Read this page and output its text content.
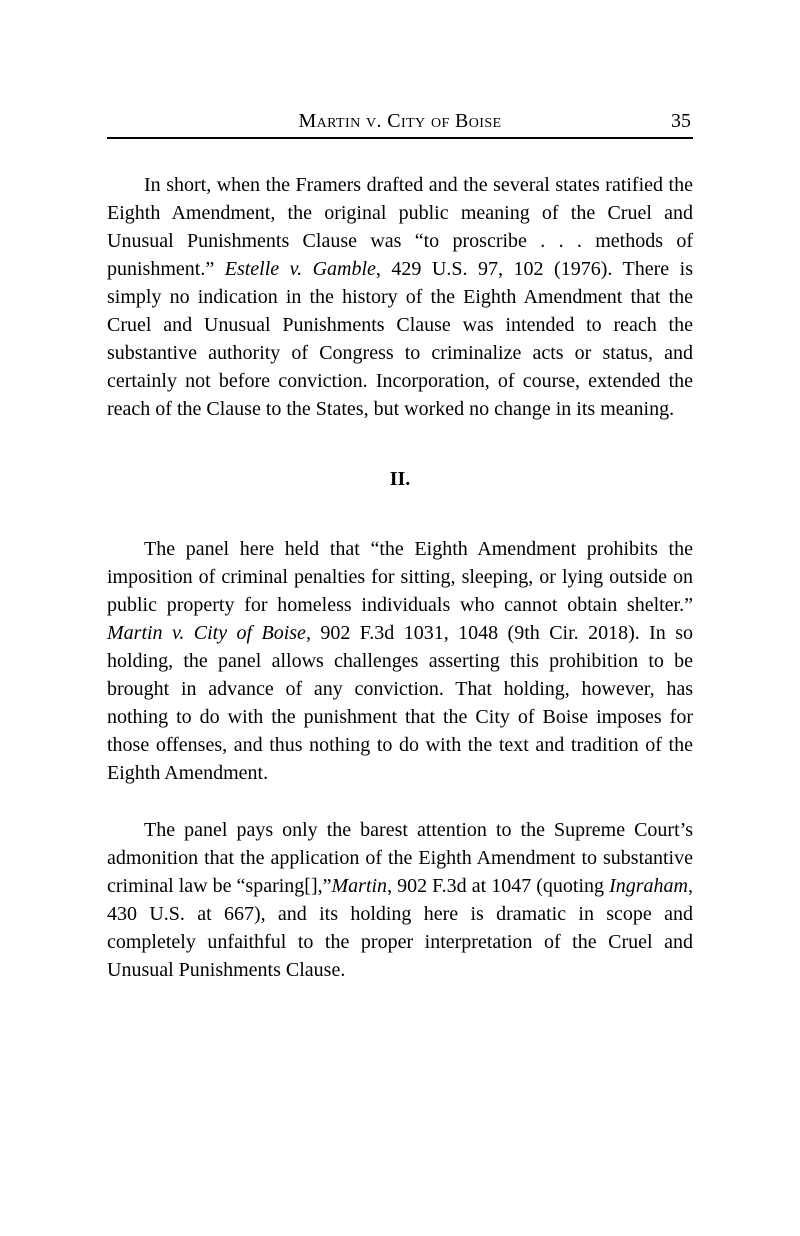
Martin v. City of Boise	35

In short, when the Framers drafted and the several states ratified the Eighth Amendment, the original public meaning of the Cruel and Unusual Punishments Clause was “to proscribe . . . methods of punishment.” Estelle v. Gamble, 429 U.S. 97, 102 (1976). There is simply no indication in the history of the Eighth Amendment that the Cruel and Unusual Punishments Clause was intended to reach the substantive authority of Congress to criminalize acts or status, and certainly not before conviction. Incorporation, of course, extended the reach of the Clause to the States, but worked no change in its meaning.

II.

The panel here held that “the Eighth Amendment prohibits the imposition of criminal penalties for sitting, sleeping, or lying outside on public property for homeless individuals who cannot obtain shelter.” Martin v. City of Boise, 902 F.3d 1031, 1048 (9th Cir. 2018). In so holding, the panel allows challenges asserting this prohibition to be brought in advance of any conviction. That holding, however, has nothing to do with the punishment that the City of Boise imposes for those offenses, and thus nothing to do with the text and tradition of the Eighth Amendment.

The panel pays only the barest attention to the Supreme Court’s admonition that the application of the Eighth Amendment to substantive criminal law be “sparing[],”Martin, 902 F.3d at 1047 (quoting Ingraham, 430 U.S. at 667), and its holding here is dramatic in scope and completely unfaithful to the proper interpretation of the Cruel and Unusual Punishments Clause.
